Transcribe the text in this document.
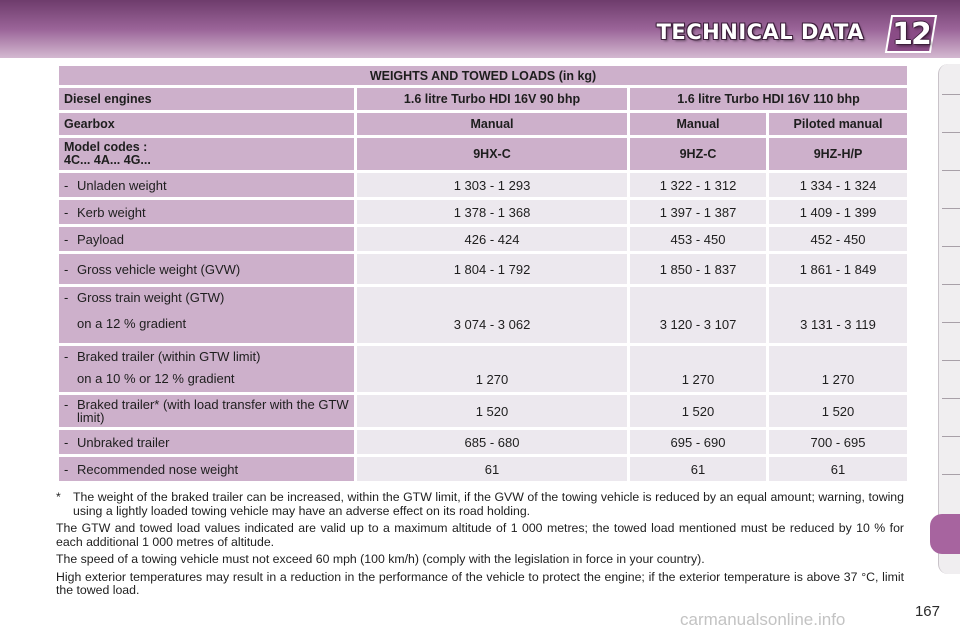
TECHNICAL DATA 12
WEIGHTS AND TOWED LOADS (in kg)			
Diesel engines	1.6 litre Turbo HDI 16V 90 bhp	1.6 litre Turbo HDI 16V 110 bhp	
Gearbox	Manual	Manual	Piloted manual

Model codes :
4C... 4A... 4G...	9HX-C	9HZ-C	9HZ-H/P

- Unladen weight	1 303 - 1 293	1 322 - 1 312	1 334 - 1 324

- Kerb weight	1 378 - 1 368	1 397 - 1 387	1 409 - 1 399

- Payload	426 - 424	453 - 450	452 - 450

- Gross vehicle weight (GVW)	1 804 - 1 792	1 850 - 1 837	1 861 - 1 849

- Gross train weight (GTW)
on a 12 % gradient	3 074 - 3 062	3 120 - 3 107	3 131 - 3 119

- Braked trailer (within GTW limit)
on a 10 % or 12 % gradient	1 270	1 270	1 270

- Braked trailer* (with load transfer with the GTW limit)	1 520	1 520	1 520

- Unbraked trailer	685 - 680	695 - 690	700 - 695

- Recommended nose weight	61	61	61
* The weight of the braked trailer can be increased, within the GTW limit, if the GVW of the towing vehicle is reduced by an equal amount; warning, towing using a lightly loaded towing vehicle may have an adverse effect on its road holding.
The GTW and towed load values indicated are valid up to a maximum altitude of 1 000 metres; the towed load mentioned must be reduced by 10 % for each additional 1 000 metres of altitude.
The speed of a towing vehicle must not exceed 60 mph (100 km/h) (comply with the legislation in force in your country).
High exterior temperatures may result in a reduction in the performance of the vehicle to protect the engine; if the exterior temperature is above 37 °C, limit the towed load.
carmanualsonline.info	167
